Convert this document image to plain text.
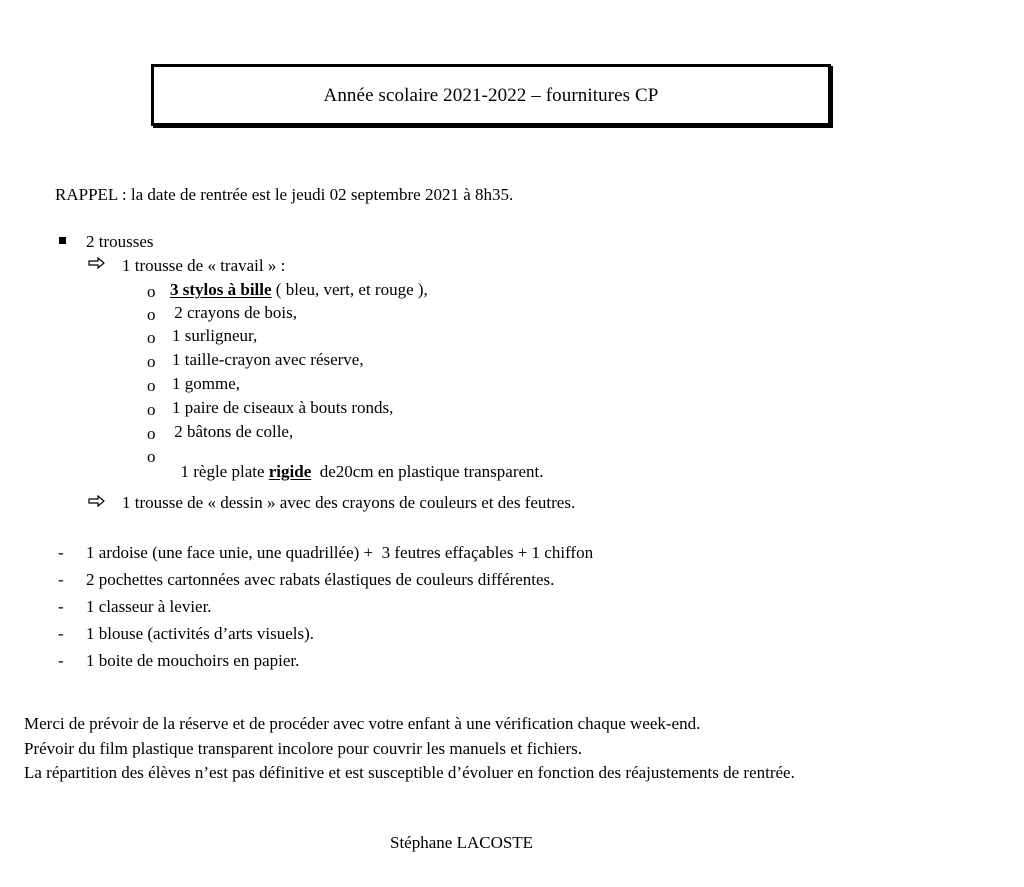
Année scolaire 2021-2022 – fournitures CP
RAPPEL : la date de rentrée est le jeudi 02 septembre 2021 à 8h35.
2 trousses
1 trousse de « travail » :
o 3 stylos à bille ( bleu, vert, et rouge ),
o 2 crayons de bois,
o 1 surligneur,
o 1 taille-crayon avec réserve,
o 1 gomme,
o 1 paire de ciseaux à bouts ronds,
o 2 bâtons de colle,
o

1 règle plate rigide  de20cm en plastique transparent.

1 trousse de « dessin » avec des crayons de couleurs et des feutres.
- 1 ardoise (une face unie, une quadrillée) +  3 feutres effaçables + 1 chiffon
- 2 pochettes cartonnées avec rabats élastiques de couleurs différentes.
- 1 classeur à levier.
- 1 blouse (activités d’arts visuels).
- 1 boite de mouchoirs en papier.
Merci de prévoir de la réserve et de procéder avec votre enfant à une vérification chaque week-end.
Prévoir du film plastique transparent incolore pour couvrir les manuels et fichiers.
La répartition des élèves n’est pas définitive et est susceptible d’évoluer en fonction des réajustements de rentrée.
Stéphane LACOSTE
